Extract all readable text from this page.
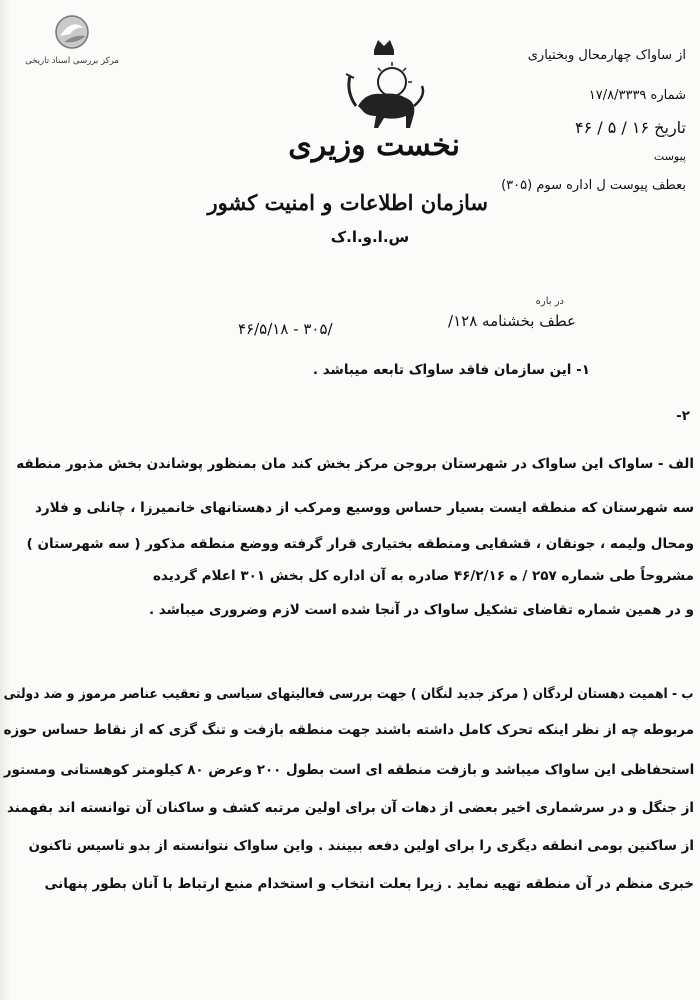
مرکز بررسی اسناد تاریخی
نخست وزیری
سازمان اطلاعات و امنیت کشور
س.ا.و.ا.ک
از ساواک چهارمحال وبختیاری
شماره ۱۷/۸/۳۳۳۹
تاریخ ۱۶ / ۵ / ۴۶
پیوست
بعطف پیوست ل اداره سوم (۳۰۵)
در باره
عطف بخشنامه ۱۲۸/
۴۶/۵/۱۸ - ۳۰۵/
۱- این سازمان فاقد ساواک تابعه میباشد .
۲-
الف - ساواک این ساواک در شهرستان بروجن مرکز بخش کند مان بمنظور پوشاندن بخش مذبور منطقه
سه شهرستان که منطقه ایست بسیار حساس ووسیع ومرکب از دهستانهای خانمیرزا ، چانلی و فلارد
ومحال ولیمه ، جونقان ، قشقایی ومنطقه بختیاری قرار گرفته ووضع منطقه مذکور ( سه شهرستان )
مشروحاً طی شماره ۲۵۷ / ه ۴۶/۲/۱۶ صادره به آن اداره کل بخش ۳۰۱ اعلام گردیده
و در همین شماره تقاضای تشکیل ساواک در آنجا شده است لازم وضروری میباشد .
ب - اهمیت دهستان لردگان ( مرکز جدید لنگان ) جهت بررسی فعالیتهای سیاسی و تعقیب عناصر مرموز و ضد دولتی
مربوطه چه از نظر اینکه تحرک کامل داشته باشند جهت منطقه بازفت و تنگ گزی که از نقاط حساس حوزه
استحفاظی این ساواک میباشد و بازفت منطقه ای است بطول ۲۰۰ وعرض ۸۰ کیلومتر کوهستانی ومستور
از جنگل و در سرشماری اخیر بعضی از دهات آن برای اولین مرتبه کشف و ساکنان آن توانسته اند بفهمند
از ساکنین بومی انطقه دیگری را برای اولین دفعه ببینند . واین ساواک نتوانسته از بدو تاسیس تاکنون
خبری منظم در آن منطقه تهیه نماید . زیرا بعلت انتخاب و استخدام منبع ارتباط با آنان بطور پنهانی
